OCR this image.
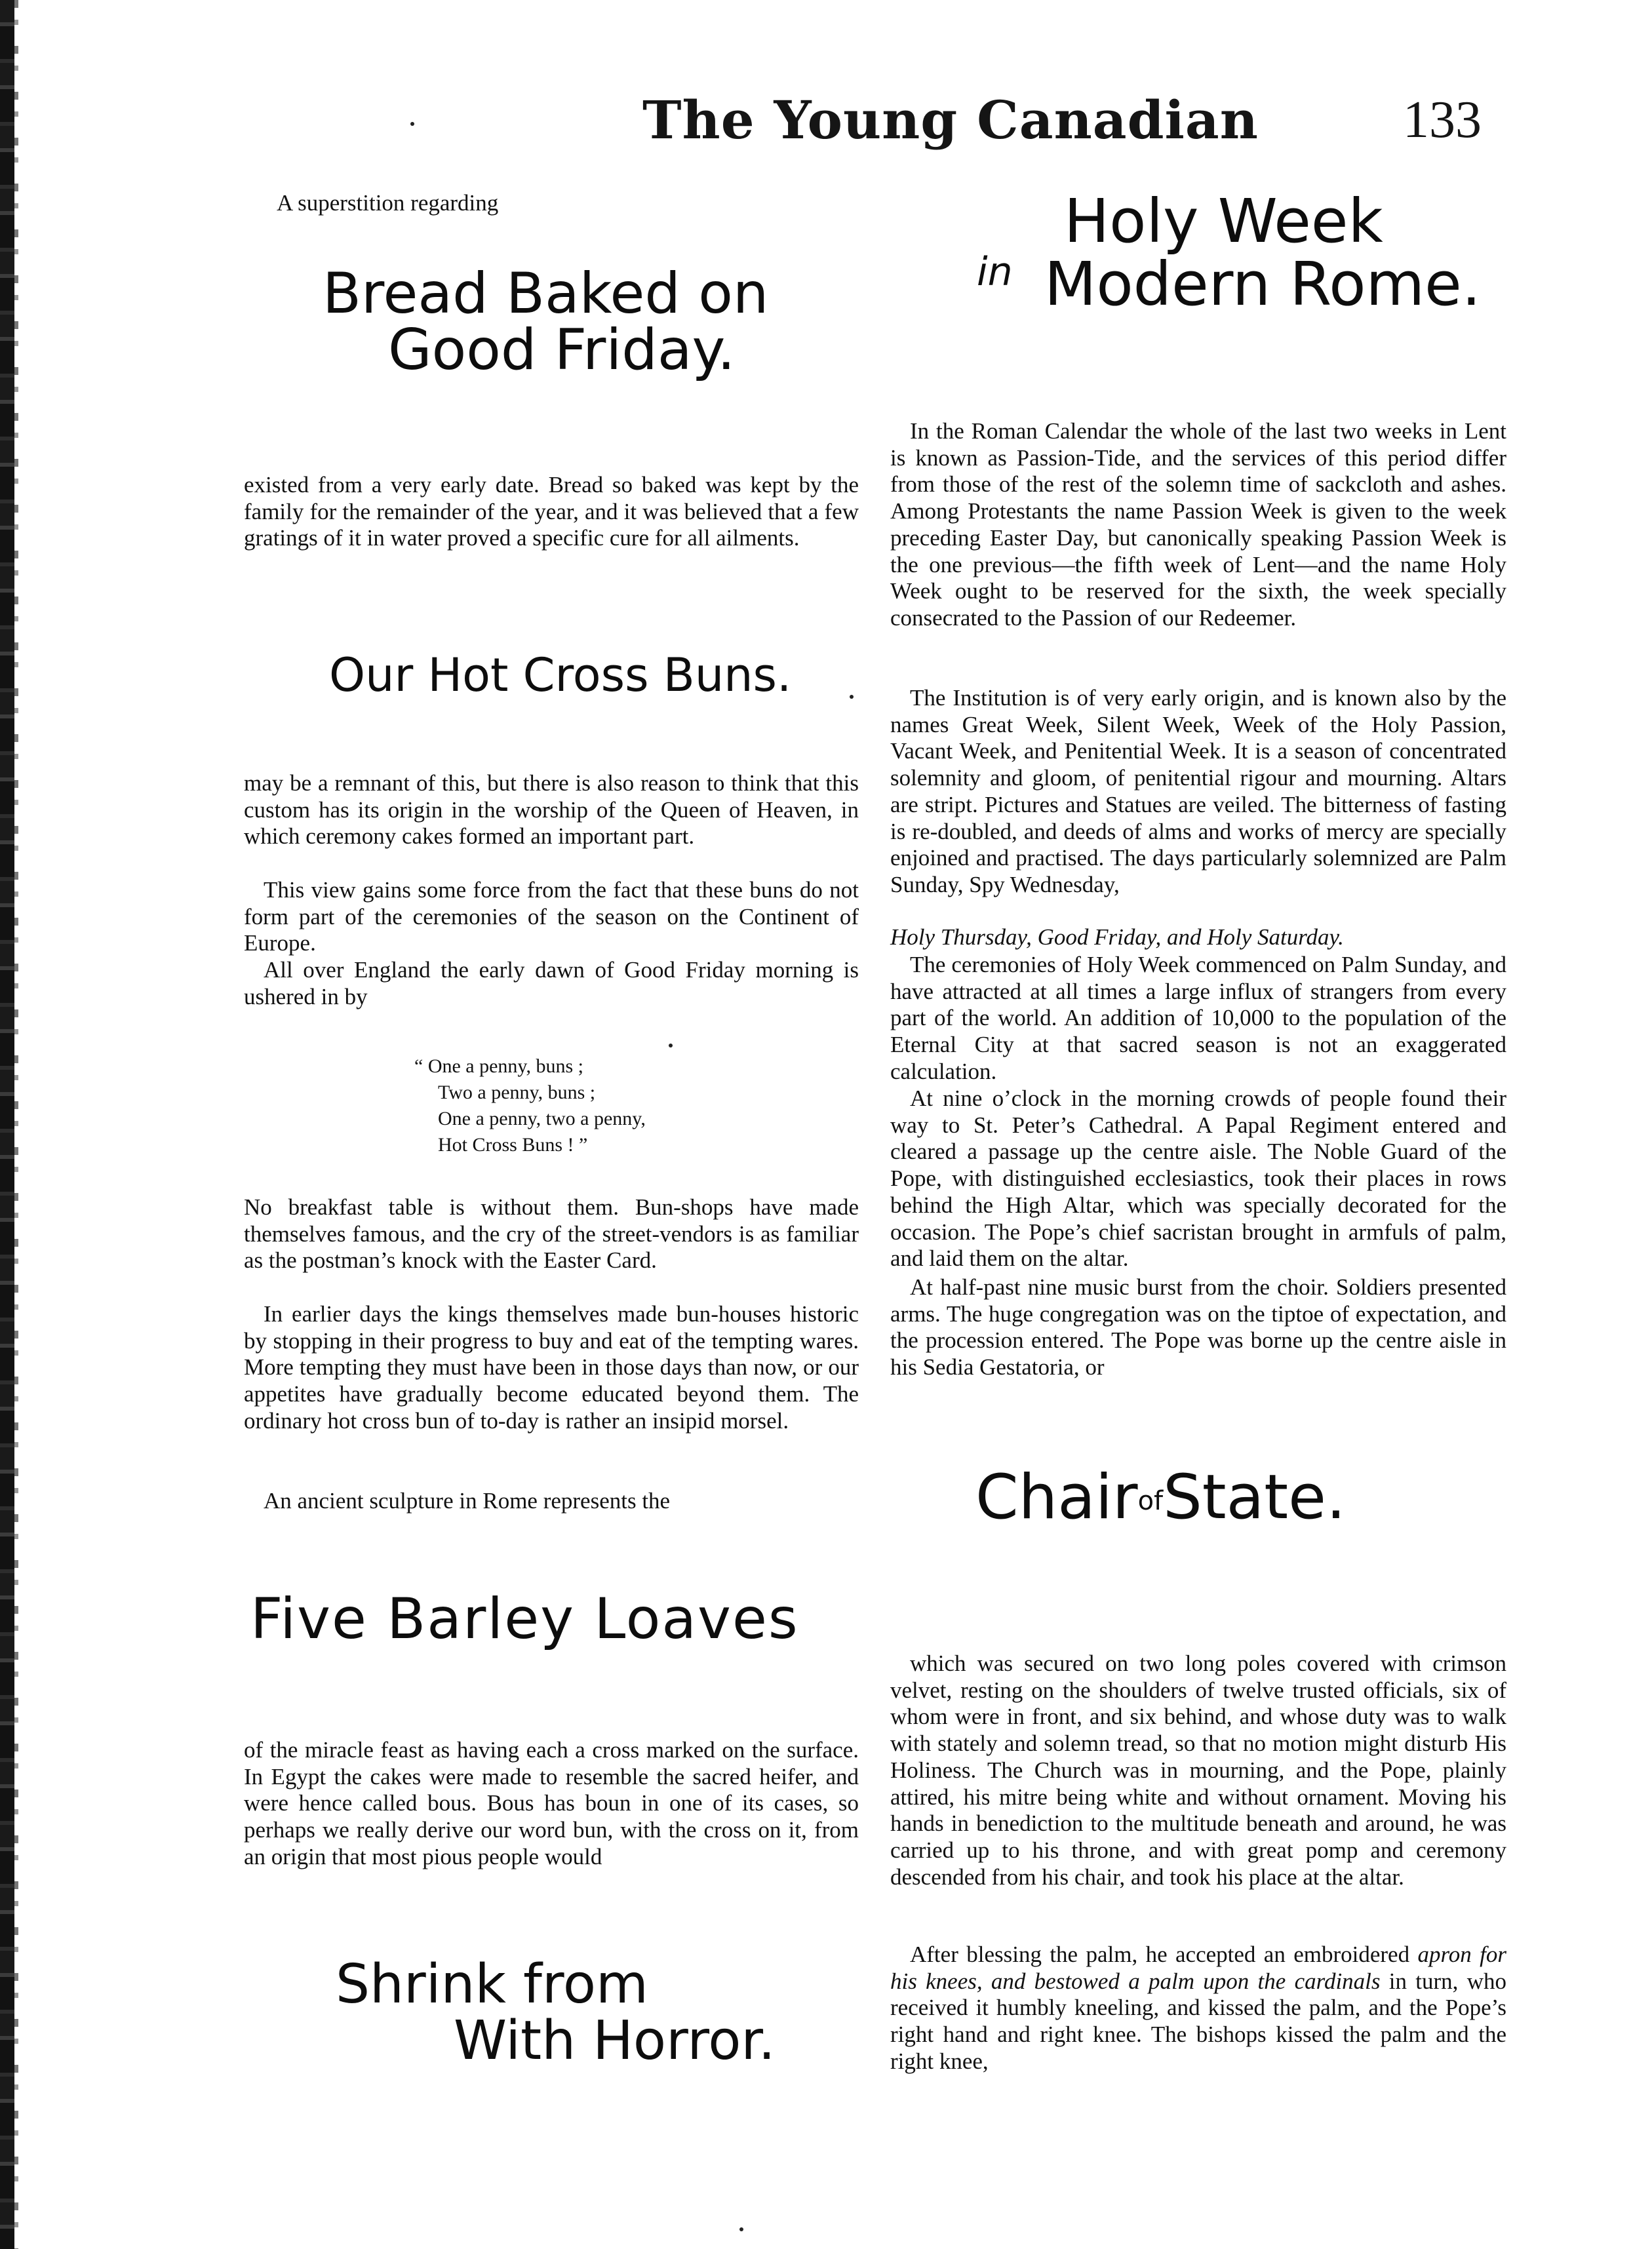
The Young Canadian	133
A superstition regarding
Bread Baked on
Good Friday.

existed from a very early date. Bread so baked was kept by the family for the remainder of the year, and it was believed that a few gratings of it in water proved a specific cure for all ailments.

Our Hot Cross Buns.

may be a remnant of this, but there is also reason to think that this custom has its origin in the worship of the Queen of Heaven, in which ceremony cakes formed an important part.

This view gains some force from the fact that these buns do not form part of the ceremonies of the season on the Continent of Europe.

All over England the early dawn of Good Friday morning is ushered in by

“ One a penny, buns ;
Two a penny, buns ;
One a penny, two a penny,
Hot Cross Buns ! ”

No breakfast table is without them. Bun-shops have made themselves famous, and the cry of the street-vendors is as familiar as the postman’s knock with the Easter Card.

In earlier days the kings themselves made bun-houses historic by stopping in their progress to buy and eat of the tempting wares. More tempting they must have been in those days than now, or our appetites have gradually become educated beyond them. The ordinary hot cross bun of to-day is rather an insipid morsel.

An ancient sculpture in Rome represents the

Five Barley Loaves

of the miracle feast as having each a cross marked on the surface. In Egypt the cakes were made to resemble the sacred heifer, and were hence called bous. Bous has boun in one of its cases, so perhaps we really derive our word bun, with the cross on it, from an origin that most pious people would

Shrink from
With Horror.
in
Holy Week
Modern Rome.

In the Roman Calendar the whole of the last two weeks in Lent is known as Passion-Tide, and the services of this period differ from those of the rest of the solemn time of sackcloth and ashes. Among Protestants the name Passion Week is given to the week preceding Easter Day, but canonically speaking Passion Week is the one previous—the fifth week of Lent—and the name Holy Week ought to be reserved for the sixth, the week specially consecrated to the Passion of our Redeemer.

The Institution is of very early origin, and is known also by the names Great Week, Silent Week, Week of the Holy Passion, Vacant Week, and Penitential Week. It is a season of concentrated solemnity and gloom, of penitential rigour and mourning. Altars are stript. Pictures and Statues are veiled. The bitterness of fasting is re-doubled, and deeds of alms and works of mercy are specially enjoined and practised. The days particularly solemnized are Palm Sunday, Spy Wednesday,

Holy Thursday, Good Friday, and Holy Saturday.

The ceremonies of Holy Week commenced on Palm Sunday, and have attracted at all times a large influx of strangers from every part of the world. An addition of 10,000 to the population of the Eternal City at that sacred season is not an exaggerated calculation.

At nine o’clock in the morning crowds of people found their way to St. Peter’s Cathedral. A Papal Regiment entered and cleared a passage up the centre aisle. The Noble Guard of the Pope, with distinguished ecclesiastics, took their places in rows behind the High Altar, which was specially decorated for the occasion. The Pope’s chief sacristan brought in armfuls of palm, and laid them on the altar.

At half-past nine music burst from the choir. Soldiers presented arms. The huge congregation was on the tiptoe of expectation, and the procession entered. The Pope was borne up the centre aisle in his Sedia Gestatoria, or

ChairofState.

which was secured on two long poles covered with crimson velvet, resting on the shoulders of twelve trusted officials, six of whom were in front, and six behind, and whose duty was to walk with stately and solemn tread, so that no motion might disturb His Holiness. The Church was in mourning, and the Pope, plainly attired, his mitre being white and without ornament. Moving his hands in benediction to the multitude beneath and around, he was carried up to his throne, and with great pomp and ceremony descended from his chair, and took his place at the altar.

After blessing the palm, he accepted an embroidered apron for his knees, and bestowed a palm upon the cardinals in turn, who received it humbly kneeling, and kissed the palm, and the Pope’s right hand and right knee. The bishops kissed the palm and the right knee,
